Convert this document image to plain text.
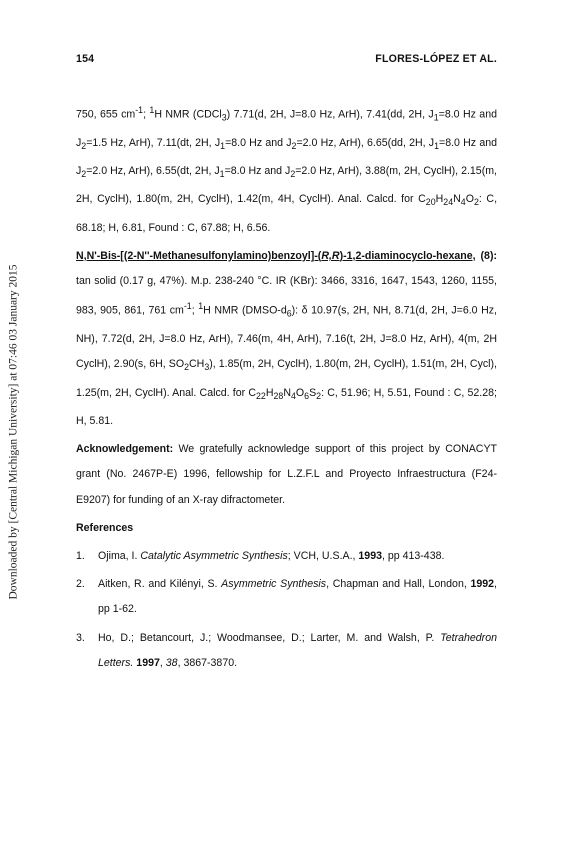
Downloaded by [Central Michigan University] at 07:46 03 January 2015
154	FLORES-LÓPEZ ET AL.

750, 655 $cm^{-1}$; $^1$H NMR (CDCl$_3$) 7.71(d, 2H, J=8.0 Hz, ArH), 7.41(dd, 2H, $J_1=8.0$ Hz and $J_2=1.5$ Hz, ArH), 7.11(dt, 2H, $J_1=8.0$ Hz and $J_2=2.0$ Hz, ArH), 6.65(dd, 2H, $J_1=8.0$ Hz and $J_2=2.0$ Hz, ArH), 6.55(dt, 2H, $J_1=8.0$ Hz and $J_2=2.0$ Hz, ArH), 3.88(m, 2H, CyclH), 2.15(m, 2H, CyclH), 1.80(m, 2H, CyclH), 1.42(m, 4H, CyclH). Anal. Calcd. for $C_{20}H_{24}N_4O_2$: C, 68.18; H, 6.81, Found : C, 67.88; H, 6.56.

N,N'-Bis-[(2-N''-Methanesulfonylamino)benzoyl]-(R,R)-1,2-diaminocyclo-hexane, (8): tan solid (0.17 g, 47%). M.p. 238-240 °C. IR (KBr): 3466, 3316, 1647, 1543, 1260, 1155, 983, 905, 861, 761 $cm^{-1}$; $^1$H NMR $(DMSO-d_6)$: δ 10.97(s, 2H, NH, 8.71(d, 2H, J=6.0 Hz, NH), 7.72(d, 2H, J=8.0 Hz, ArH), 7.46(m, 4H, ArH), 7.16(t, 2H, J=8.0 Hz, ArH), 4(m, 2H CyclH), 2.90(s, 6H, $SO_2CH_3$), 1.85(m, 2H, CyclH), 1.80(m, 2H, CyclH), 1.51(m, 2H, Cycl), 1.25(m, 2H, CyclH). Anal. Calcd. for $C_{22}H_{28}N_4O_6S_2$: C, 51.96; H, 5.51, Found : C, 52.28; H, 5.81.

Acknowledgement: We gratefully acknowledge support of this project by CONACYT grant (No. 2467P-E) 1996, fellowship for L.Z.F.L and Proyecto Infraestructura (F24-E9207) for funding of an X-ray difractometer.

References
1. Ojima, I. Catalytic Asymmetric Synthesis; VCH, U.S.A., 1993, pp 413-438.
2. Aitken, R. and Kilényi, S. Asymmetric Synthesis, Chapman and Hall, London, 1992, pp 1-62.
3. Ho, D.; Betancourt, J.; Woodmansee, D.; Larter, M. and Walsh, P. Tetrahedron Letters. 1997, 38, 3867-3870.
